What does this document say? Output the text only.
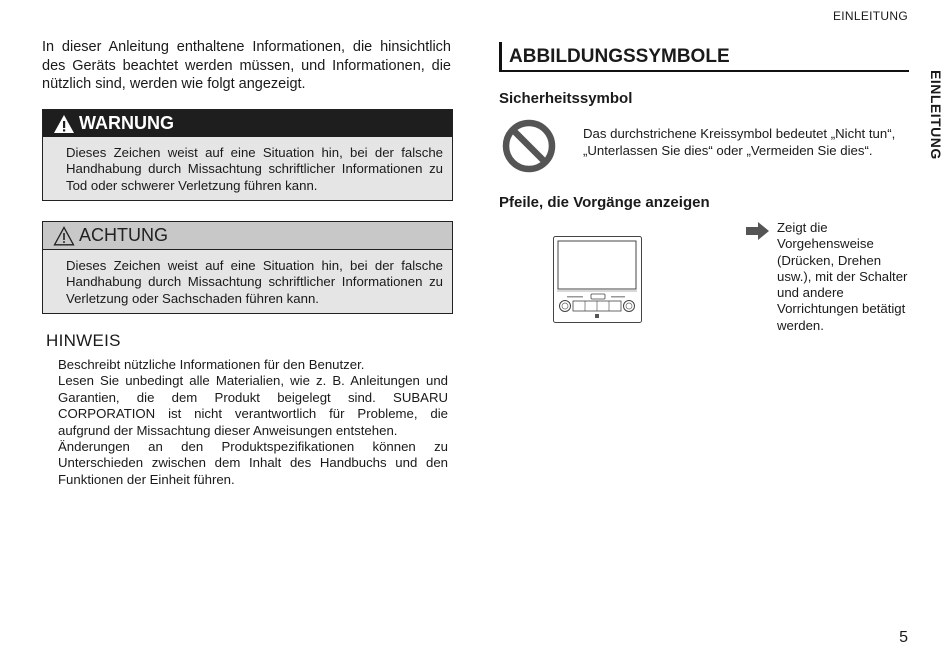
EINLEITUNG
EINLEITUNG
In dieser Anleitung enthaltene Informationen, die hinsichtlich des Geräts beachtet werden müssen, und Informationen, die nützlich sind, werden wie folgt angezeigt.
WARNUNG
Dieses Zeichen weist auf eine Situation hin, bei der falsche Handhabung durch Missachtung schriftlicher Informationen zu Tod oder schwerer Verletzung führen kann.
ACHTUNG
Dieses Zeichen weist auf eine Situation hin, bei der falsche Handhabung durch Missachtung schriftlicher Informationen zu Verletzung oder Sachschaden führen kann.
HINWEIS

Beschreibt nützliche Informationen für den Benutzer.

Lesen Sie unbedingt alle Materialien, wie z. B. Anleitungen und Garantien, die dem Produkt beigelegt sind. SUBARU CORPORATION ist nicht verantwortlich für Probleme, die aufgrund der Missachtung dieser Anweisungen entstehen.

Änderungen an den Produktspezifikationen können zu Unterschieden zwischen dem Inhalt des Handbuchs und den Funktionen der Einheit führen.

ABBILDUNGSSYMBOLE
Sicherheitssymbol
Das durchstrichene Kreissymbol bedeutet „Nicht tun“, „Unterlassen Sie dies“ oder „Vermeiden Sie dies“.
Pfeile, die Vorgänge anzeigen
Zeigt die Vorgehensweise (Drücken, Drehen usw.), mit der Schalter und andere Vorrichtungen betätigt werden.
5
